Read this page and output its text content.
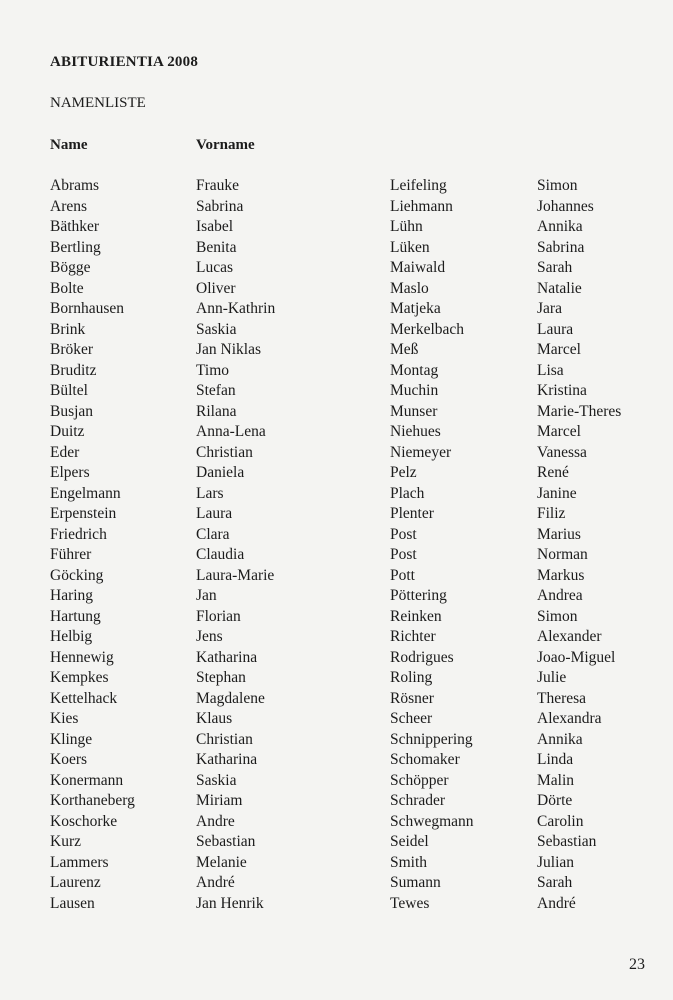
ABITURIENTIA 2008
NAMENLISTE
Name	Vorname
Abrams
Arens
Bäthker
Bertling
Bögge
Bolte
Bornhausen
Brink
Bröker
Bruditz
Bültel
Busjan
Duitz
Eder
Elpers
Engelmann
Erpenstein
Friedrich
Führer
Göcking
Haring
Hartung
Helbig
Hennewig
Kempkes
Kettelhack
Kies
Klinge
Koers
Konermann
Korthaneberg
Koschorke
Kurz
Lammers
Laurenz
Lausen
Frauke
Sabrina
Isabel
Benita
Lucas
Oliver
Ann-Kathrin
Saskia
Jan Niklas
Timo
Stefan
Rilana
Anna-Lena
Christian
Daniela
Lars
Laura
Clara
Claudia
Laura-Marie
Jan
Florian
Jens
Katharina
Stephan
Magdalene
Klaus
Christian
Katharina
Saskia
Miriam
Andre
Sebastian
Melanie
André
Jan Henrik
Leifeling
Liehmann
Lühn
Lüken
Maiwald
Maslo
Matjeka
Merkelbach
Meß
Montag
Muchin
Munser
Niehues
Niemeyer
Pelz
Plach
Plenter
Post
Post
Pott
Pöttering
Reinken
Richter
Rodrigues
Roling
Rösner
Scheer
Schnippering
Schomaker
Schöpper
Schrader
Schwegmann
Seidel
Smith
Sumann
Tewes
Simon
Johannes
Annika
Sabrina
Sarah
Natalie
Jara
Laura
Marcel
Lisa
Kristina
Marie-Theres
Marcel
Vanessa
René
Janine
Filiz
Marius
Norman
Markus
Andrea
Simon
Alexander
Joao-Miguel
Julie
Theresa
Alexandra
Annika
Linda
Malin
Dörte
Carolin
Sebastian
Julian
Sarah
André
23
